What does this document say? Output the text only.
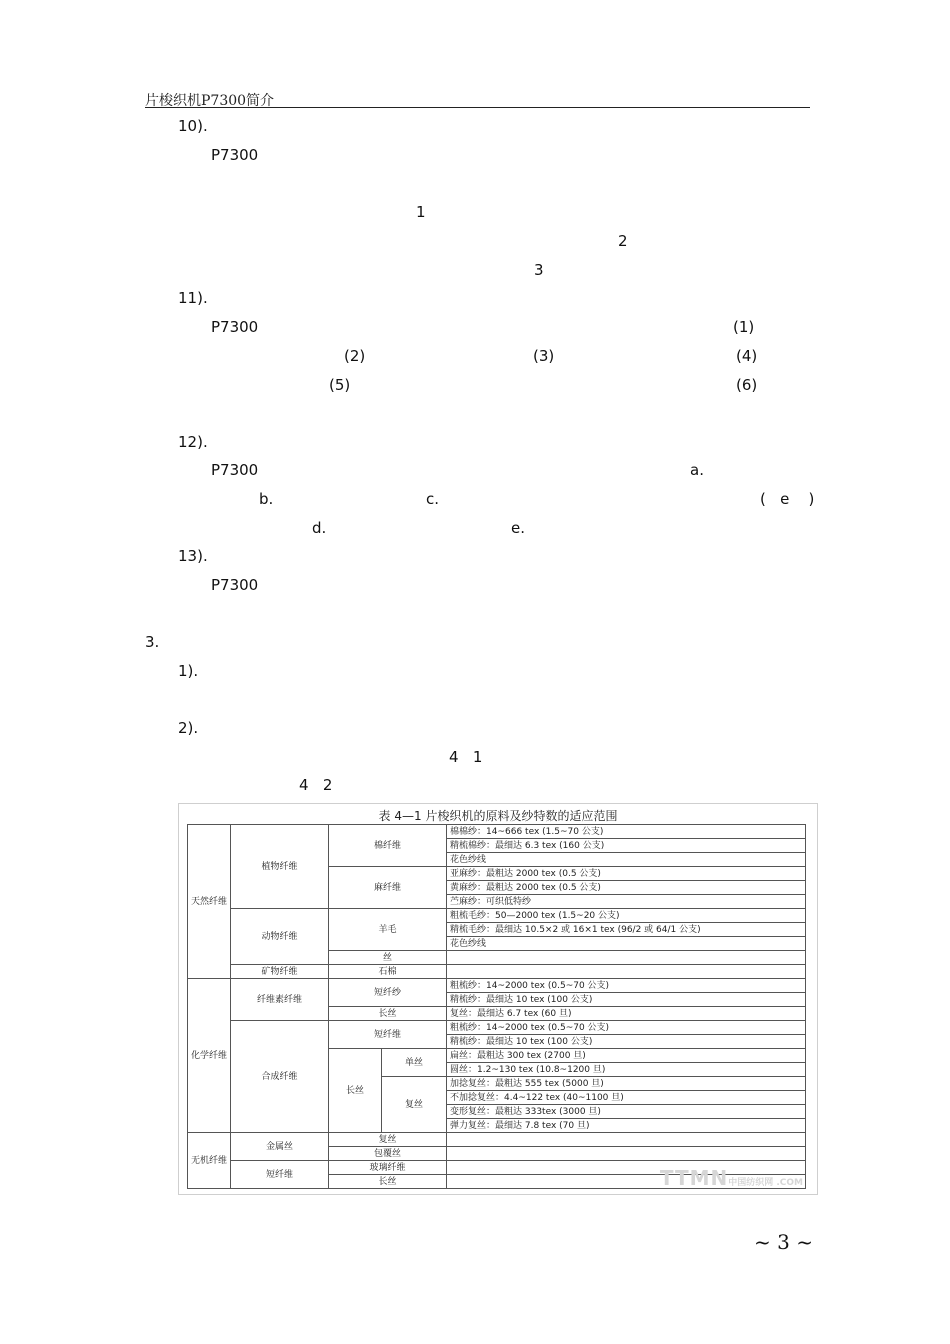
片梭织机P7300简介
10).
P7300
1
2
3
11).
P7300	(1)
(2)	(3)	(4)
(5)	(6)
12).
P7300	a.
b.	c.	(   e    )
d.	e.
13).
P7300
3.
1).
2).
4   1
4   2
表 4—1 片梭织机的原料及纱特数的适应范围
天然纤维	植物纤维	棉纤维		棉棉纱：14~666 tex (1.5~70 公支)
				精梳棉纱：最细达 6.3 tex (160 公支)
				花色纱线
		麻纤维		亚麻纱：最粗达 2000 tex (0.5 公支)
				黄麻纱：最粗达 2000 tex (0.5 公支)
				苎麻纱：可织低特纱
	动物纤维	羊毛		粗梳毛纱：50—2000 tex (1.5~20 公支)
				精梳毛纱：最细达 10.5×2 或 16×1 tex (96/2 或 64/1 公支)
				花色纱线
		丝		
	矿物纤维	石棉		
化学纤维	纤维素纤维	短纤纱		粗梳纱：14~2000 tex (0.5~70 公支)
				精梳纱：最细达 10 tex (100 公支)
		长丝		复丝：最细达 6.7 tex (60 旦)
	合成纤维	短纤维		粗梳纱：14~2000 tex (0.5~70 公支)
				精梳纱：最细达 10 tex (100 公支)
		长丝	单丝	扁丝：最粗达 300 tex (2700 旦)
				圆丝：1.2~130 tex (10.8~1200 旦)
			复丝	加捻复丝：最粗达 555 tex (5000 旦)
				不加捻复丝：4.4~122 tex (40~1100 旦)
				变形复丝：最粗达 333tex (3000 旦)
				弹力复丝：最细达 7.8 tex (70 旦)
无机纤维	金属丝	复丝		
		包覆丝		
	短纤维	玻璃纤维		
		长丝			TTMN中国纺织网 .COM
~ 3 ~
